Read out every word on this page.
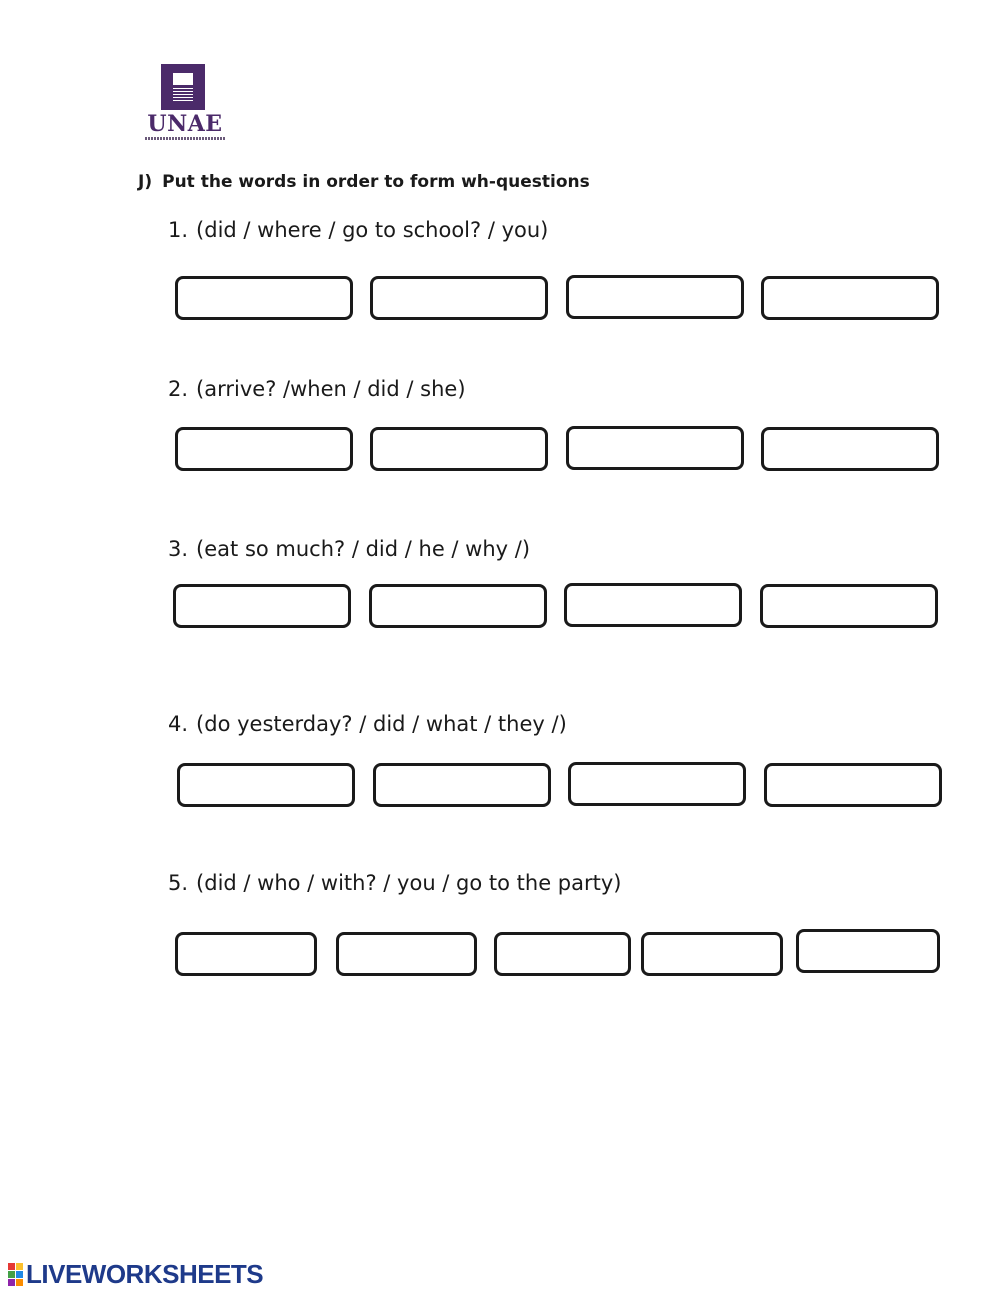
UNAE
J) Put the words in order to form wh-questions
1. (did / where / go to school? / you)
2. (arrive? /when / did / she)
3. (eat so much? / did / he / why /)
4. (do yesterday? / did / what / they /)
5. (did / who / with? / you / go to the party)
LIVEWORKSHEETS
